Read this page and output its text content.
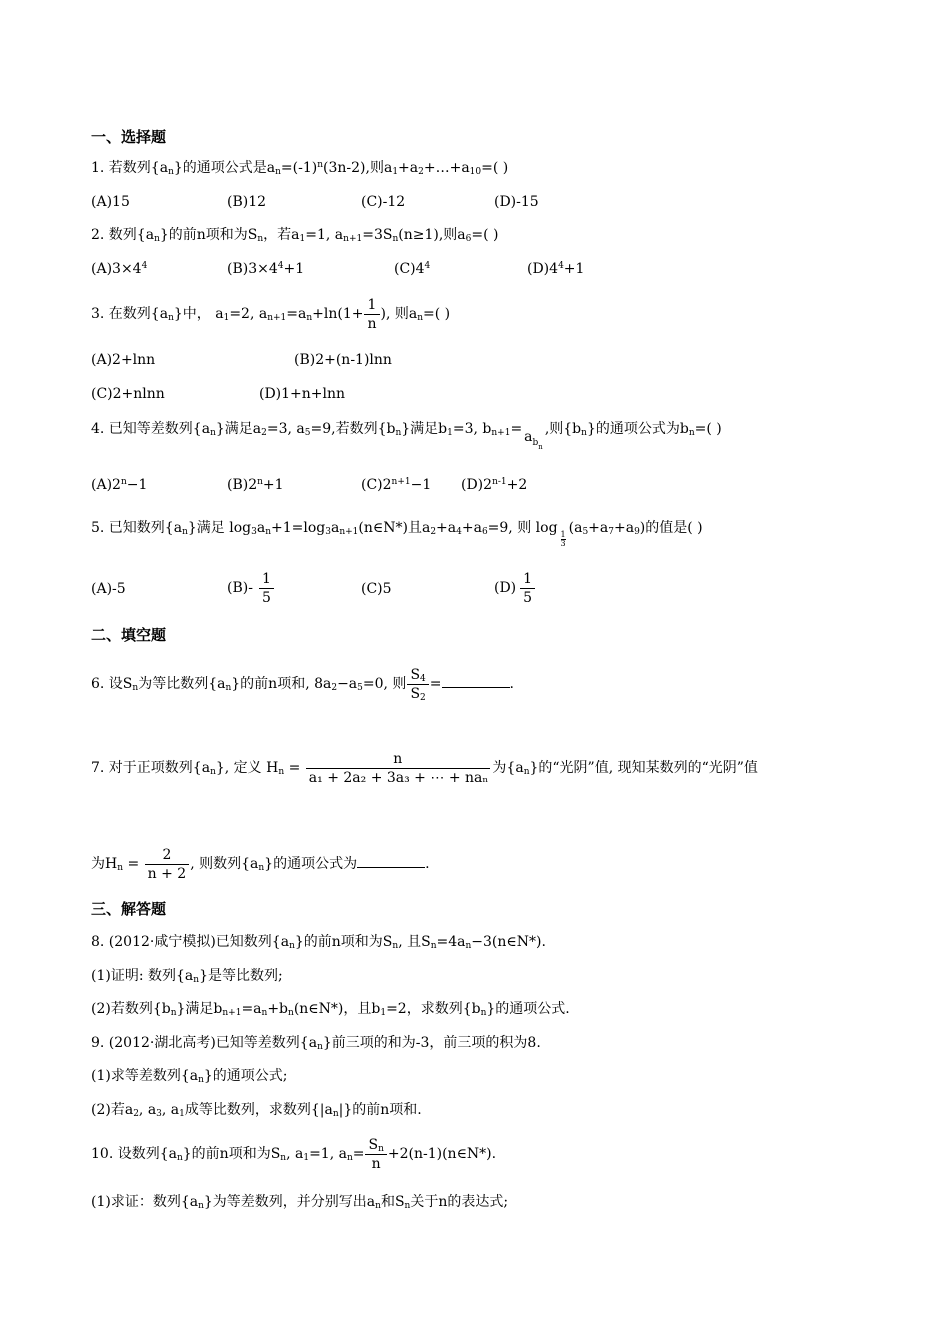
一、选择题
1. 若数列$\{a_n\}$的通项公式是$a_n=(-1)^n(3n-2)$,则$a_1+a_2+\dots+a_{10}=$( )
(A)15	(B)12	(C)-12	(D)-15
2. 数列$\{a_n\}$的前n项和为$S_n$，若$a_1=1$, $a_{n+1}=3S_n(n\ge 1)$,则$a_6=$( )
$(A)3\times 4^4$	$(B)3\times 4^4+1$	$(C)4^4$	$(D)4^4+1$
3. 在数列$\{a_n\}$中， $a_1=2$, $a_{n+1}=a_n+\ln(1+ \frac{1}{n}$ ), 则$a_n=$( )
(A)2+lnn	(B)2+(n-1)lnn
(C)2+nlnn	(D)1+n+lnn
4. 已知等差数列$\{a_n\}$满足$a_2=3$, $a_5=9$,若数列$\{b_n\}$满足$b_1=3$, $b_{n+1}= a_{bn}$,则$\{b_n\}$的通项公式为$b_n=$( )
$(A)2^n-1$	$(B)2^n+1$	$(C)2^{n+1}-1$ $(D)2^{n-1}+2$
5. 已知数列$\{a_n\}$满足 $\log_3a_n+1=\log_3a_{n+1}(n\in N*)$且$a_2+a_4+a_6=9$, 则 log
$\frac{1}{3}$
$(a_5+a_7+a_9)$的值是( )
(A)-5	$(B)- \frac{1}{5}$	(C)5	$(D) \frac{1}{5}$
二、填空题
6. 设$S_n$为等比数列$\{a_n\}$的前n项和, $8a_2-a_5=0$, 则 $\frac{S_4}{S_2}$ =	.
7. 对于正项数列$\{a_n\}$, 定义 $H_n = \frac{n}{\text{a₁ + 2a₂ + 3a₃ + ⋯ + naₙ}}$ 为$\{a_n\}$的“光阴”值, 现知某数列的“光阴”值
为$H_n = \frac{2}{n + 2}$ , 则数列$\{a_n\}$的通项公式为	.
三、解答题
8. (2012·咸宁模拟)已知数列$\{a_n\}$的前n项和为$S_n$, 且$S_n=4a_n-3(n\in N*)$.
(1)证明: 数列$\{a_n\}$是等比数列;
(2)若数列$\{b_n\}$满足$b_{n+1}=a_n+b_n(n\in N*)$，且$b_1=2$，求数列$\{b_n\}$的通项公式.
9. (2012·湖北高考)已知等差数列$\{a_n\}$前三项的和为-3，前三项的积为8.
(1)求等差数列$\{a_n\}$的通项公式;
(2)若$a_2$, $a_3$, $a_1$成等比数列，求数列$\{|a_n|\}$的前n项和.
10. 设数列$\{a_n\}$的前n项和为$S_n$, $a_1=1$, $a_n= \frac{S_n}{n}$ +2(n-1)(n∈N*).
(1)求证：数列$\{a_n\}$为等差数列，并分别写出$a_n$和$S_n$关于n的表达式;
